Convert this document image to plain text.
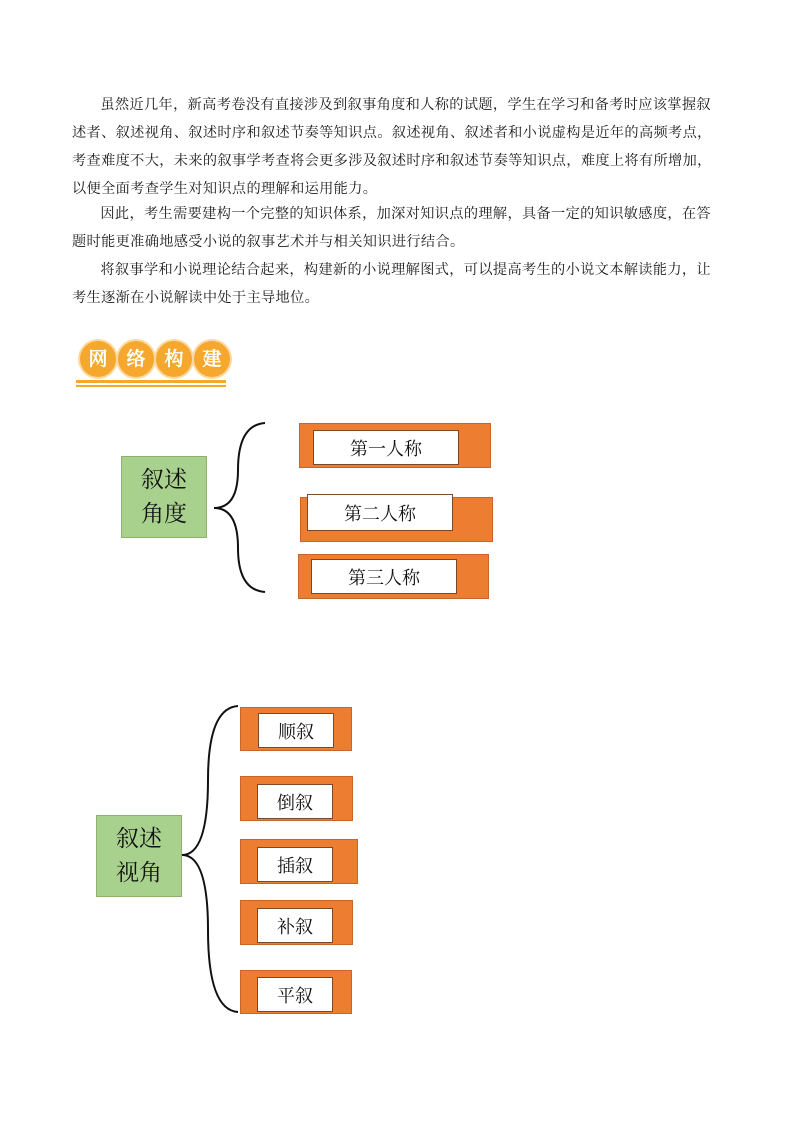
虽然近几年，新高考卷没有直接涉及到叙事角度和人称的试题，学生在学习和备考时应该掌握叙述者、叙述视角、叙述时序和叙述节奏等知识点。叙述视角、叙述者和小说虚构是近年的高频考点，考查难度不大，未来的叙事学考查将会更多涉及叙述时序和叙述节奏等知识点，难度上将有所增加，以便全面考查学生对知识点的理解和运用能力。

因此，考生需要建构一个完整的知识体系，加深对知识点的理解，具备一定的知识敏感度，在答题时能更准确地感受小说的叙事艺术并与相关知识进行结合。

将叙事学和小说理论结合起来，构建新的小说理解图式，可以提高考生的小说文本解读能力，让考生逐渐在小说解读中处于主导地位。

网 络 构 建
叙述
角度
第一人称
第二人称
第三人称
叙述
视角
顺叙
倒叙
插叙
补叙
平叙
